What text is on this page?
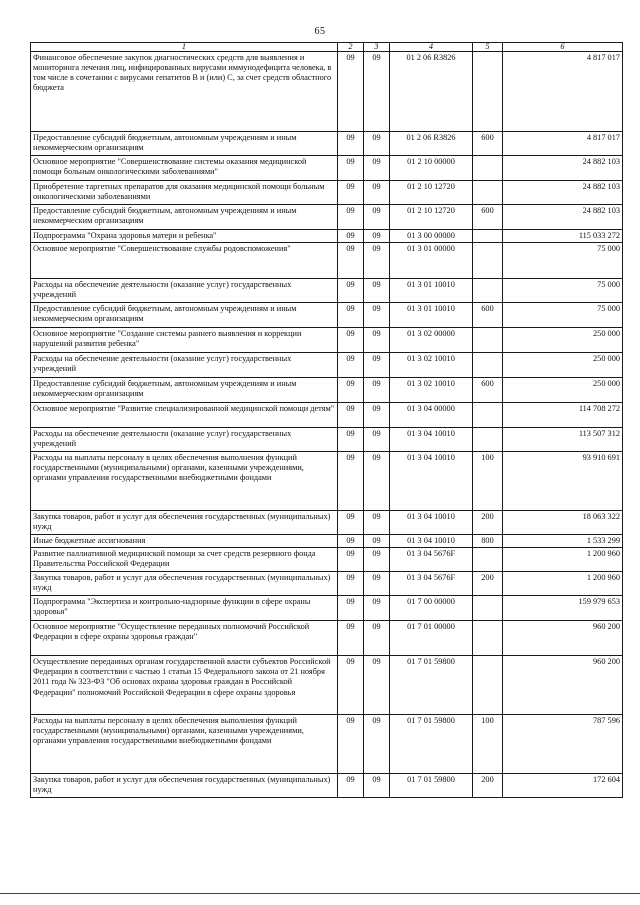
65
1	2	3	4	5	6
Финансовое обеспечение закупок диагностических средств для выявления и мониторинга лечения лиц, инфицированных вирусами иммунодефицита человека, в том числе в сочетании с вирусами гепатитов В и (или) С, за счет средств областного бюджета	09	09	01 2 06 R3826		4 817 017
Предоставление субсидий бюджетным, автономным учреждениям и иным некоммерческим организациям	09	09	01 2 06 R3826	600	4 817 017
Основное мероприятие "Совершенствование системы оказания медицинской помощи больным онкологическими заболеваниями"	09	09	01 2 10 00000		24 882 103
Приобретение таргетных препаратов для оказания медицинской помощи больным онкологическими заболеваниями	09	09	01 2 10 12720		24 882 103
Предоставление субсидий бюджетным, автономным учреждениям и иным некоммерческим организациям	09	09	01 2 10 12720	600	24 882 103
Подпрограмма "Охрана здоровья матери и ребенка"	09	09	01 3 00 00000		115 033 272
Основное мероприятие "Совершенствование службы родовспоможения"	09	09	01 3 01 00000		75 000
Расходы на обеспечение деятельности (оказание услуг) государственных учреждений	09	09	01 3 01 10010		75 000
Предоставление субсидий бюджетным, автономным учреждениям и иным некоммерческим организациям	09	09	01 3 01 10010	600	75 000
Основное мероприятие "Создание системы раннего выявления и коррекции нарушений развития ребенка"	09	09	01 3 02 00000		250 000
Расходы на обеспечение деятельности (оказание услуг) государственных учреждений	09	09	01 3 02 10010		250 000
Предоставление субсидий бюджетным, автономным учреждениям и иным некоммерческим организациям	09	09	01 3 02 10010	600	250 000
Основное мероприятие "Развитие специализированной медицинской помощи детям"	09	09	01 3 04 00000		114 708 272
Расходы на обеспечение деятельности (оказание услуг) государственных учреждений	09	09	01 3 04 10010		113 507 312
Расходы на выплаты персоналу в целях обеспечения выполнения функций государственными (муниципальными) органами, казенными учреждениями, органами управления государственными внебюджетными фондами	09	09	01 3 04 10010	100	93 910 691
Закупка товаров, работ и услуг для обеспечения государственных (муниципальных) нужд	09	09	01 3 04 10010	200	18 063 322
Иные бюджетные ассигнования	09	09	01 3 04 10010	800	1 533 299
Развитие паллиативной медицинской помощи за счет средств резервного фонда Правительства Российской Федерации	09	09	01 3 04 5676F		1 200 960
Закупка товаров, работ и услуг для обеспечения государственных (муниципальных) нужд	09	09	01 3 04 5676F	200	1 200 960
Подпрограмма "Экспертиза и контрольно-надзорные функции в сфере охраны здоровья"	09	09	01 7 00 00000		159 979 653
Основное мероприятие "Осуществление переданных полномочий Российской Федерации в сфере охраны здоровья граждан"	09	09	01 7 01 00000		960 200
Осуществление переданных органам государственной власти субъектов Российской Федерации в соответствии с частью 1 статьи 15 Федерального закона от 21 ноября 2011 года № 323-ФЗ "Об основах охраны здоровья граждан в Российской Федерации" полномочий Российской Федерации в сфере охраны здоровья	09	09	01 7 01 59800		960 200
Расходы на выплаты персоналу в целях обеспечения выполнения функций государственными (муниципальными) органами, казенными учреждениями, органами управления государственными внебюджетными фондами	09	09	01 7 01 59800	100	787 596
Закупка товаров, работ и услуг для обеспечения государственных (муниципальных) нужд	09	09	01 7 01 59800	200	172 604
